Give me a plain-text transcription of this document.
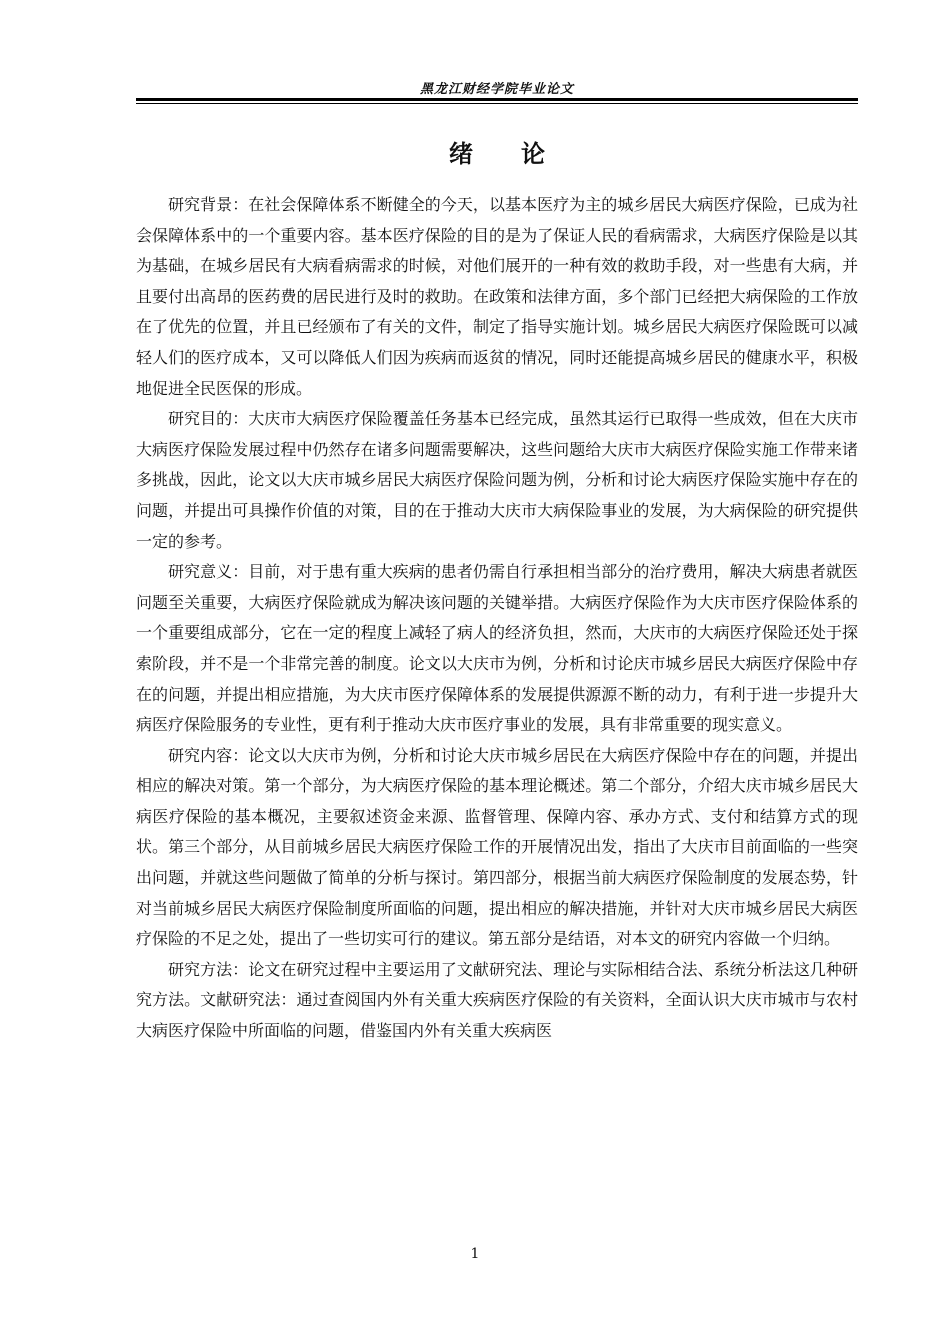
黑龙江财经学院毕业论文
绪论

研究背景：在社会保障体系不断健全的今天，以基本医疗为主的城乡居民大病医疗保险，已成为社会保障体系中的一个重要内容。基本医疗保险的目的是为了保证人民的看病需求，大病医疗保险是以其为基础，在城乡居民有大病看病需求的时候，对他们展开的一种有效的救助手段，对一些患有大病，并且要付出高昂的医药费的居民进行及时的救助。在政策和法律方面，多个部门已经把大病保险的工作放在了优先的位置，并且已经颁布了有关的文件，制定了指导实施计划。城乡居民大病医疗保险既可以减轻人们的医疗成本，又可以降低人们因为疾病而返贫的情况，同时还能提高城乡居民的健康水平，积极地促进全民医保的形成。

研究目的：大庆市大病医疗保险覆盖任务基本已经完成，虽然其运行已取得一些成效，但在大庆市大病医疗保险发展过程中仍然存在诸多问题需要解决，这些问题给大庆市大病医疗保险实施工作带来诸多挑战，因此，论文以大庆市城乡居民大病医疗保险问题为例，分析和讨论大病医疗保险实施中存在的问题，并提出可具操作价值的对策，目的在于推动大庆市大病保险事业的发展，为大病保险的研究提供一定的参考。

研究意义：目前，对于患有重大疾病的患者仍需自行承担相当部分的治疗费用，解决大病患者就医问题至关重要，大病医疗保险就成为解决该问题的关键举措。大病医疗保险作为大庆市医疗保险体系的一个重要组成部分，它在一定的程度上减轻了病人的经济负担，然而，大庆市的大病医疗保险还处于探索阶段，并不是一个非常完善的制度。论文以大庆市为例，分析和讨论庆市城乡居民大病医疗保险中存在的问题，并提出相应措施，为大庆市医疗保障体系的发展提供源源不断的动力，有利于进一步提升大病医疗保险服务的专业性，更有利于推动大庆市医疗事业的发展，具有非常重要的现实意义。

研究内容：论文以大庆市为例，分析和讨论大庆市城乡居民在大病医疗保险中存在的问题，并提出相应的解决对策。第一个部分，为大病医疗保险的基本理论概述。第二个部分，介绍大庆市城乡居民大病医疗保险的基本概况，主要叙述资金来源、监督管理、保障内容、承办方式、支付和结算方式的现状。第三个部分，从目前城乡居民大病医疗保险工作的开展情况出发，指出了大庆市目前面临的一些突出问题，并就这些问题做了简单的分析与探讨。第四部分，根据当前大病医疗保险制度的发展态势，针对当前城乡居民大病医疗保险制度所面临的问题，提出相应的解决措施，并针对大庆市城乡居民大病医疗保险的不足之处，提出了一些切实可行的建议。第五部分是结语，对本文的研究内容做一个归纳。

研究方法：论文在研究过程中主要运用了文献研究法、理论与实际相结合法、系统分析法这几种研究方法。文献研究法：通过查阅国内外有关重大疾病医疗保险的有关资料，全面认识大庆市城市与农村大病医疗保险中所面临的问题，借鉴国内外有关重大疾病医

1
